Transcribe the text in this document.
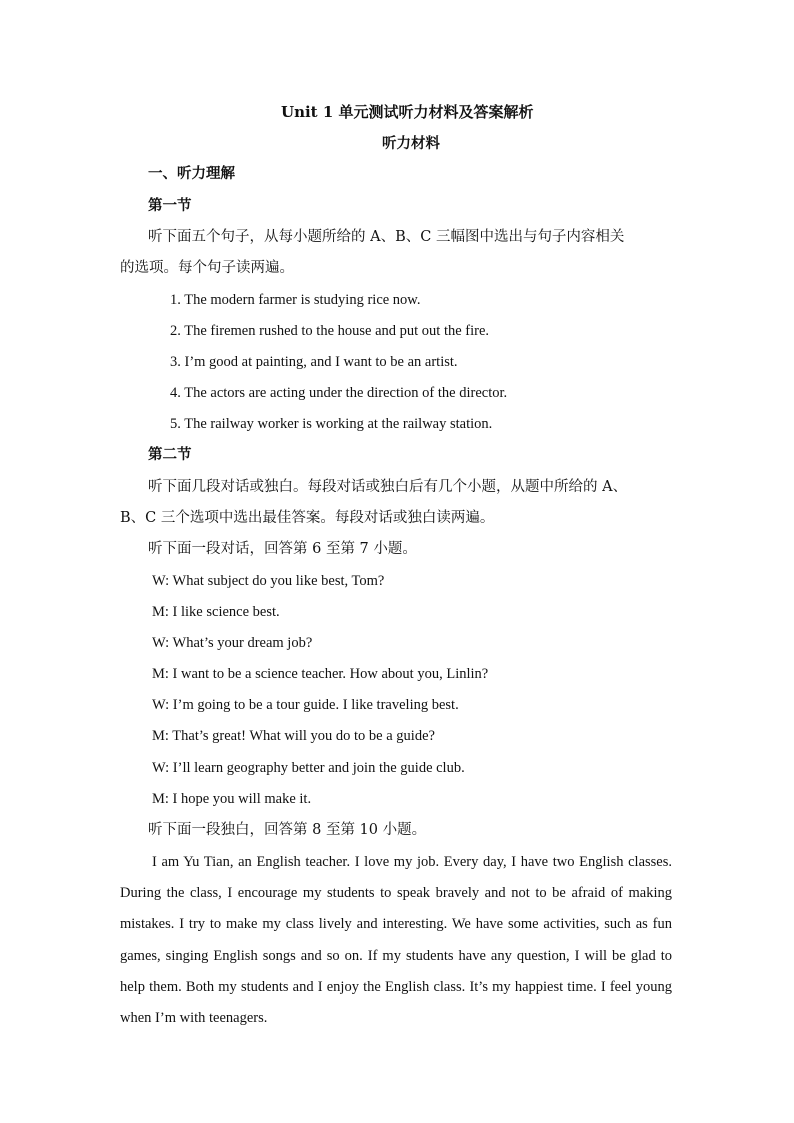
Unit 1 单元测试听力材料及答案解析
听力材料
一、听力理解
第一节
听下面五个句子，从每小题所给的 A、B、C 三幅图中选出与句子内容相关
的选项。每个句子读两遍。
1. The modern farmer is studying rice now.
2. The firemen rushed to the house and put out the fire.
3. I’m good at painting, and I want to be an artist.
4. The actors are acting under the direction of the director.
5. The railway worker is working at the railway station.
第二节
听下面几段对话或独白。每段对话或独白后有几个小题，从题中所给的 A、
B、C 三个选项中选出最佳答案。每段对话或独白读两遍。
听下面一段对话，回答第 6 至第 7 小题。
W: What subject do you like best, Tom?
M: I like science best.
W: What’s your dream job?
M: I want to be a science teacher. How about you, Linlin?
W: I’m going to be a tour guide. I like traveling best.
M: That’s great! What will you do to be a guide?
W: I’ll learn geography better and join the guide club.
M: I hope you will make it.
听下面一段独白，回答第 8 至第 10 小题。

I am Yu Tian, an English teacher. I love my job. Every day, I have two English classes. During the class, I encourage my students to speak bravely and not to be afraid of making mistakes. I try to make my class lively and interesting. We have some activities, such as fun games, singing English songs and so on. If my students have any question, I will be glad to help them. Both my students and I enjoy the English class. It’s my happiest time. I feel young when I’m with teenagers.
